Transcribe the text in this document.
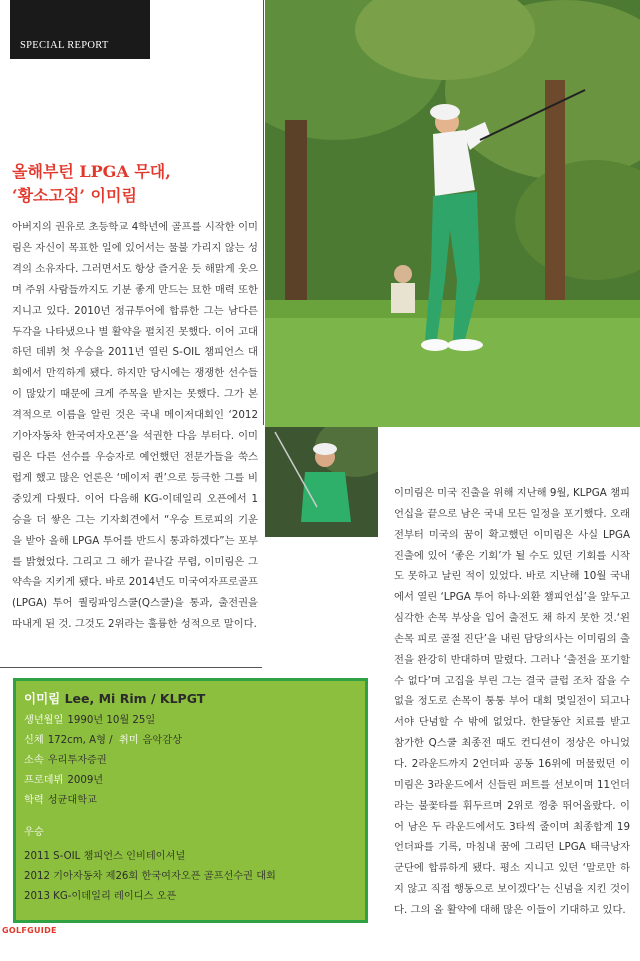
SPECIAL REPORT
올해부턴 LPGA 무대,
‘황소고집’ 이미림

아버지의 권유로 초등학교 4학년에 골프를 시작한 이미림은 자신이 목표한 일에 있어서는 물불 가리지 않는 성격의 소유자다. 그러면서도 항상 즐거운 듯 해맑게 웃으며 주위 사람들까지도 기분 좋게 만드는 묘한 매력 또한 지니고 있다. 2010년 정규투어에 합류한 그는 남다른 두각을 나타냈으나 별 활약을 펼치진 못했다. 이어 고대하던 데뷔 첫 우승을 2011년 열린 S-OIL 챔피언스 대회에서 만끽하게 됐다. 하지만 당시에는 쟁쟁한 선수들이 많았기 때문에 크게 주목을 받지는 못했다. 그가 본격적으로 이름을 알린 것은 국내 메이저대회인 ‘2012 기아자동차 한국여자오픈’을 석권한 다음 부터다. 이미림은 다른 선수를 우승자로 예언했던 전문가들을 쑥스럽게 했고 많은 언론은 ‘메이저 퀸’으로 등극한 그를 비중있게 다뤘다. 이어 다음해 KG-이데일리 오픈에서 1승을 더 쌓은 그는 기자회견에서 “우승 트로피의 기운을 받아 올해 LPGA 투어를 반드시 통과하겠다”는 포부를 밝혔었다. 그리고 그 해가 끝나갈 무렵, 이미림은 그 약속을 지키게 됐다. 바로 2014년도 미국여자프로골프(LPGA) 투어 퀄링파잉스쿨(Q스쿨)을 통과, 출전권을 따내게 된 것. 그것도 2위라는 훌륭한 성적으로 말이다.

이미림은 미국 진출을 위해 지난해 9월, KLPGA 챔피언십을 끝으로 남은 국내 모든 일정을 포기했다. 오래전부터 미국의 꿈이 확고했던 이미림은 사실 LPGA 진출에 있어 ‘좋은 기회’가 될 수도 있던 기회를 시작도 못하고 날린 적이 있었다. 바로 지난해 10월 국내에서 열린 ‘LPGA 투어 하나·외환 챔피언십’을 앞두고 심각한 손목 부상을 입어 출전도 채 하지 못한 것.‘왼손목 피로 골절 진단’을 내린 담당의사는 이미림의 출전을 완강히 반대하며 말렸다. 그러나 ‘출전을 포기할 수 없다’며 고집을 부린 그는 결국 클럽 조차 잡을 수 없을 정도로 손목이 퉁퉁 부어 대회 몇일전이 되고나서야 단념할 수 밖에 없었다. 한달동안 치료를 받고 참가한 Q스쿨 최종전 때도 컨디션이 정상은 아니었다. 2라운드까지 2언더파 공동 16위에 머물렀던 이미림은 3라운드에서 신들린 퍼트를 선보이며 11언더라는 불꽃타를 휘두르며 2위로 껑충 뛰어올랐다. 이어 남은 두 라운드에서도 3타씩 줄이며 최종합계 19언더파를 기록, 마침내 꿈에 그리던 LPGA 태극낭자 군단에 합류하게 됐다. 평소 지니고 있던 ‘말로만 하지 않고 직접 행동으로 보이겠다’는 신념을 지킨 것이다. 그의 올 활약에 대해 많은 이들이 기대하고 있다.

이미림 Lee, Mi Rim / KLPGT
생년월일 1990년 10월 25일
신체 172cm, A형 / 취미 음악감상
소속 우리투자증권
프로데뷔 2009년
학력 성균대학교
우승
2011 S-OIL 챔피언스 인비테이셔널
2012 기아자동차 제26회 한국여자오픈 골프선수권 대회
2013 KG-이데일리 레이디스 오픈
GOLFGUIDE
